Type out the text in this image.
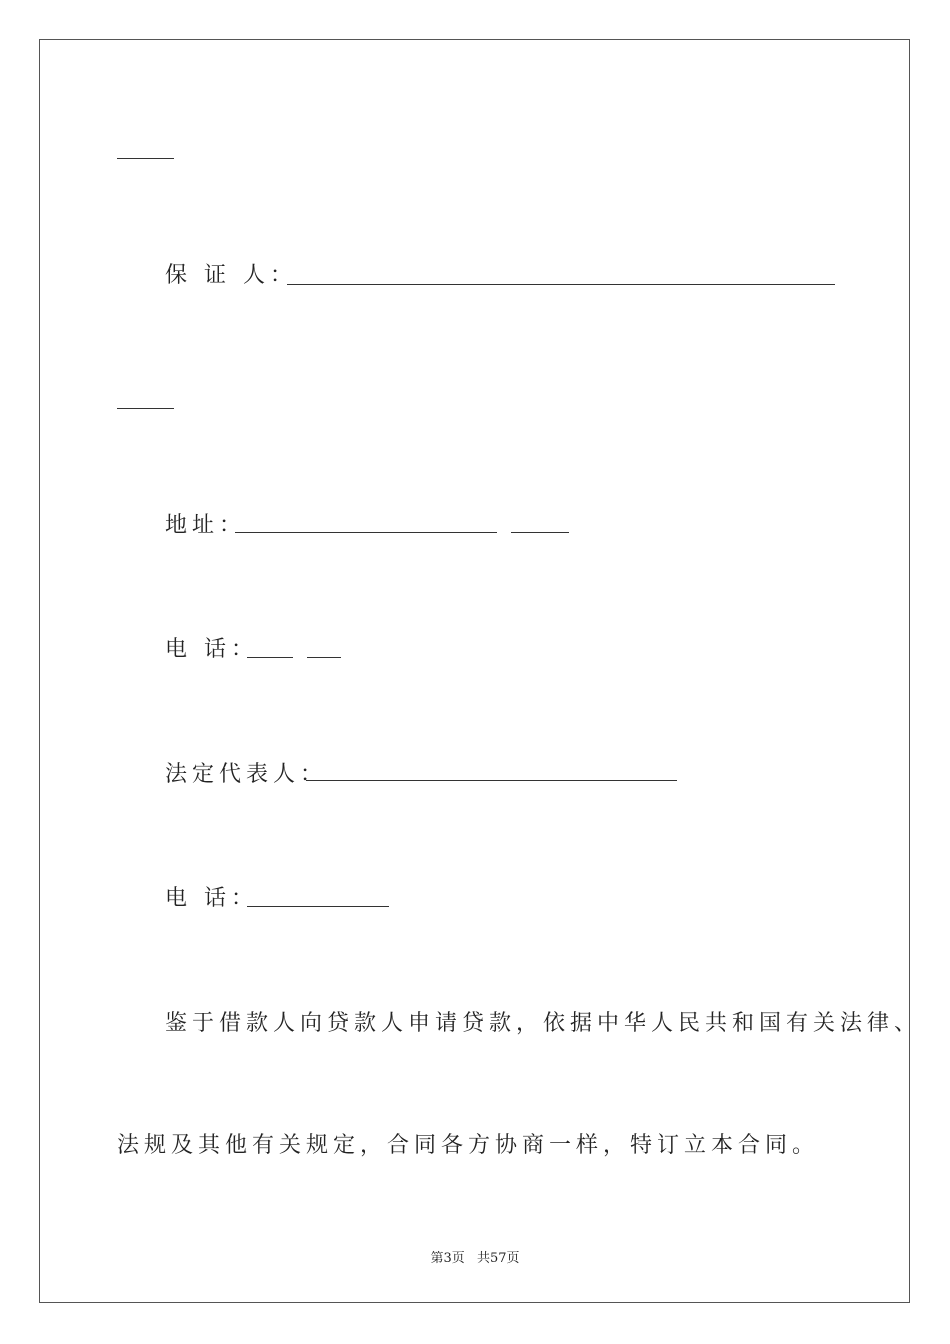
保 证 人：
地址：
电 话：
法定代表人：
电 话：
鉴于借款人向贷款人申请贷款，依据中华人民共和国有关法律、
法规及其他有关规定，合同各方协商一样，特订立本合同。
第3页 共57页
